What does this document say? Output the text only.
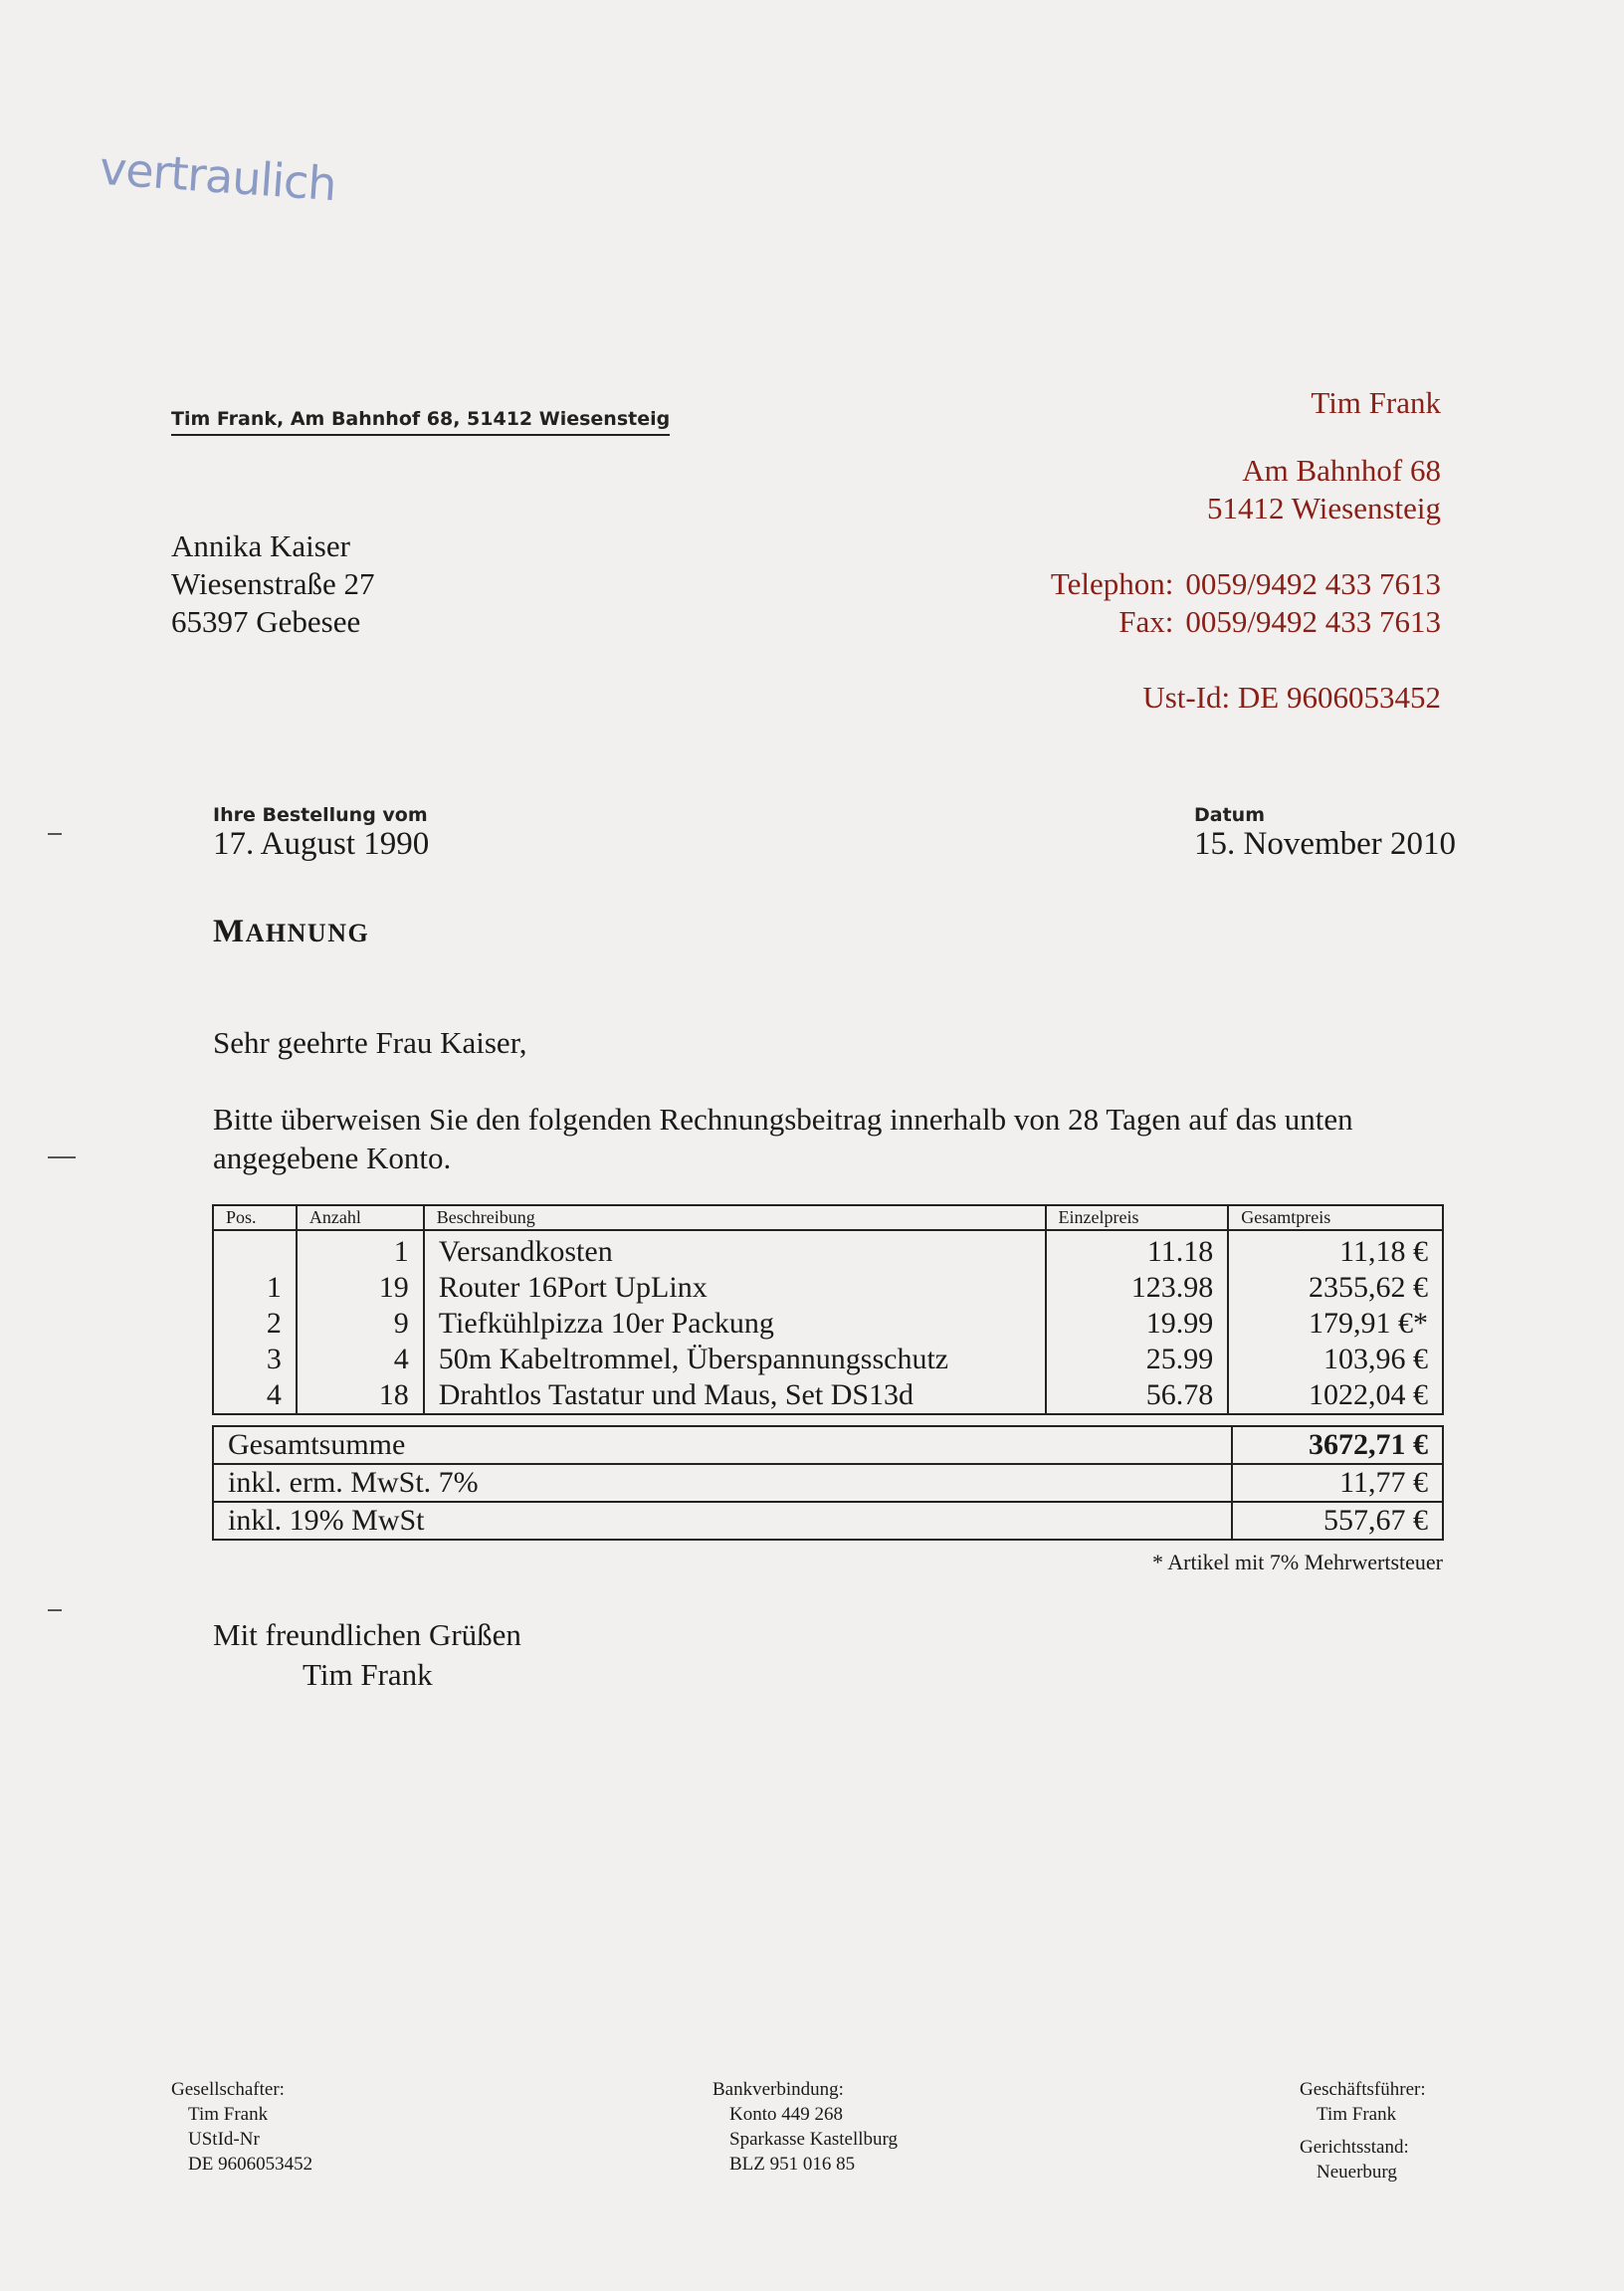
vertraulich
Tim Frank, Am Bahnhof 68, 51412 Wiesensteig
Annika Kaiser
Wiesenstraße 27
65397 Gebesee
Tim Frank
Am Bahnhof 68
51412 Wiesensteig
Telephon: 0059/9492 433 7613
Fax: 0059/9492 433 7613
Ust-Id: DE 9606053452
Ihre Bestellung vom
17. August 1990
Datum
15. November 2010
MAHNUNG
Sehr geehrte Frau Kaiser,
Bitte überweisen Sie den folgenden Rechnungsbeitrag innerhalb von 28 Tagen auf das unten angegebene Konto.
Pos.	Anzahl	Beschreibung	Einzelpreis	Gesamtpreis
	1	Versandkosten	11.18	11,18 €
1	19	Router 16Port UpLinx	123.98	2355,62 €
2	9	Tiefkühlpizza 10er Packung	19.99	179,91 €*
3	4	50m Kabeltrommel, Überspannungsschutz	25.99	103,96 €
4	18	Drahtlos Tastatur und Maus, Set DS13d	56.78	1022,04 €
Gesamtsumme	3672,71 €
inkl. erm. MwSt. 7%	11,77 €
inkl. 19% MwSt	557,67 €
* Artikel mit 7% Mehrwertsteuer
Mit freundlichen Grüßen
Tim Frank
Gesellschafter:
Tim Frank
UStId-Nr
DE 9606053452
Bankverbindung:
Konto 449 268
Sparkasse Kastellburg
BLZ 951 016 85
Geschäftsführer:
Tim Frank
Gerichtsstand:
Neuerburg
